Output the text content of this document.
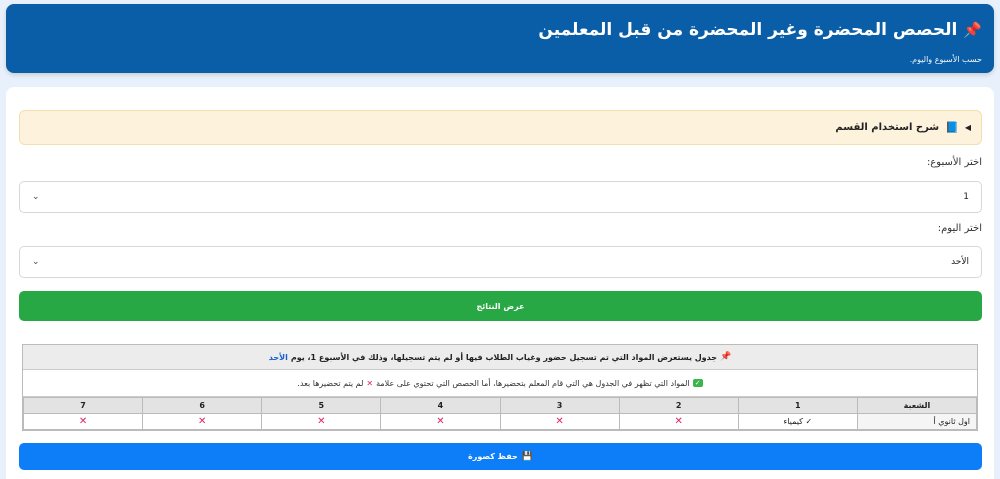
📌
الحصص المحضرة وغير المحضرة من قبل المعلمين
حسب الأسبوع واليوم.
◀
📘
شرح استخدام القسم
اختر الأسبوع:
1
⌄
اختر اليوم:
الأحد
⌄
عرض النتائج
📌
جدول يستعرض المواد التي تم تسجيل حضور وغياب الطلاب فيها أو لم يتم تسجيلها، وذلك في الأسبوع 1، يوم
الأحد
✓
المواد التي تظهر في الجدول هي التي قام المعلم بتحضيرها، أما الحصص التي تحتوي على علامة
✕
لم يتم تحضيرها بعد.
الشعبة	1	2	3	4	5	6	7
اول ثانوي أ	✓ كيمياء	✕	✕	✕	✕	✕	✕
💾
حفظ كصورة
